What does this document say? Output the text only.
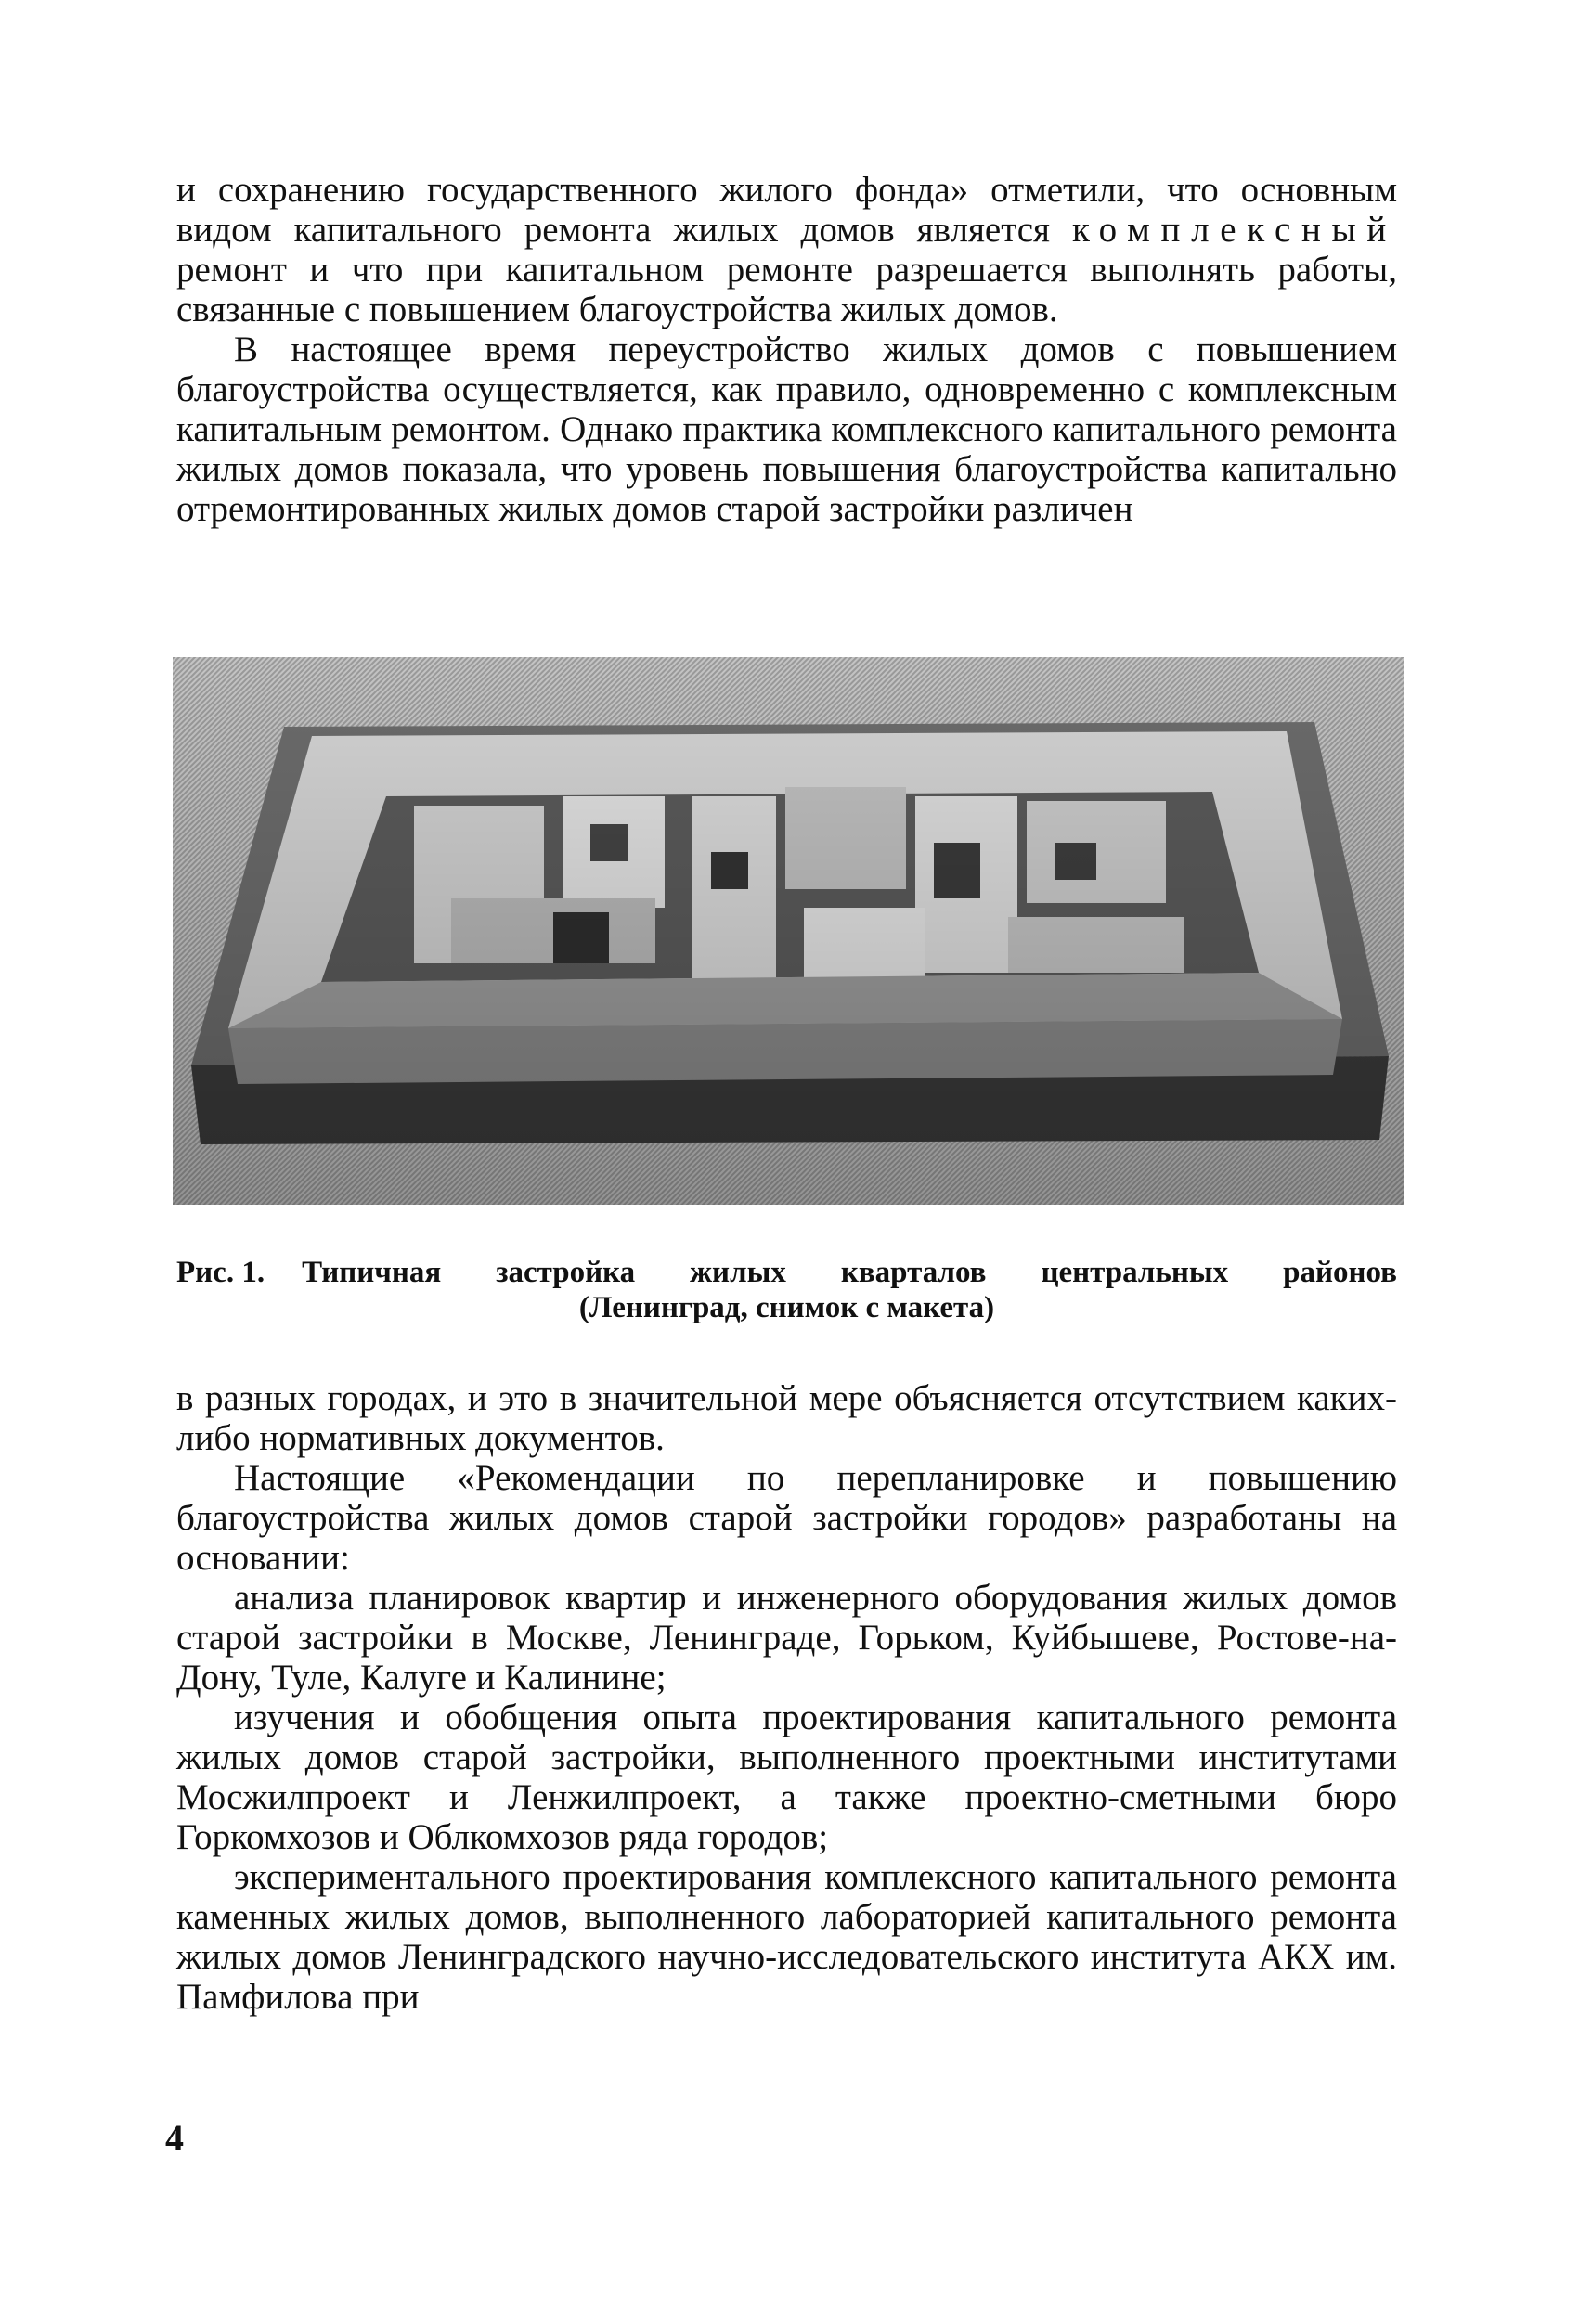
и сохранению государственного жилого фонда» отметили, что основным видом капитального ремонта жилых домов является комплексный ремонт и что при капитальном ремонте разрешается выполнять работы, связанные с повышением благоустройства жилых домов.

В настоящее время переустройство жилых домов с повышением благоустройства осуществляется, как правило, одновременно с комплексным капитальным ремонтом. Однако практика комплексного капитального ремонта жилых домов показала, что уровень повышения благоустройства капитально отремонтированных жилых домов старой застройки различен

Рис. 1. Типичная застройка жилых кварталов центральных районов
(Ленинград, снимок с макета)

в разных городах, и это в значительной мере объясняется отсутствием каких-либо нормативных документов.

Настоящие «Рекомендации по перепланировке и повышению благоустройства жилых домов старой застройки городов» разработаны на основании:

анализа планировок квартир и инженерного оборудования жилых домов старой застройки в Москве, Ленинграде, Горьком, Куйбышеве, Ростове-на-Дону, Туле, Калуге и Калинине;

изучения и обобщения опыта проектирования капитального ремонта жилых домов старой застройки, выполненного проектными институтами Мосжилпроект и Ленжилпроект, а также проектно-сметными бюро Горкомхозов и Облкомхозов ряда городов;

экспериментального проектирования комплексного капитального ремонта каменных жилых домов, выполненного лабораторией капитального ремонта жилых домов Ленинградского научно-исследовательского института АКХ им. Памфилова при

4
